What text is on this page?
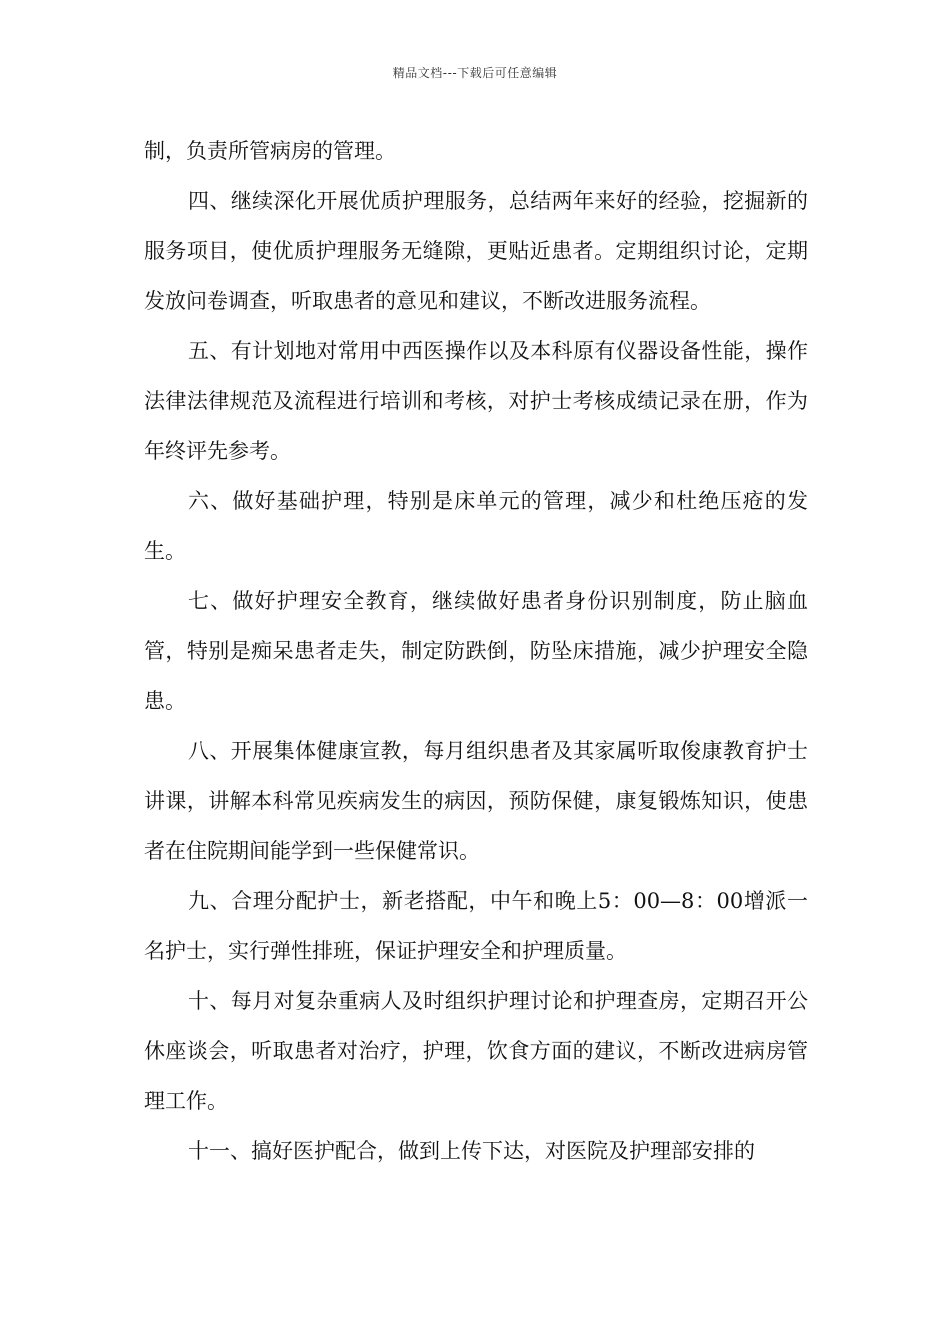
精品文档---下载后可任意编辑

制，负责所管病房的管理。

四、继续深化开展优质护理服务，总结两年来好的经验，挖掘新的服务项目，使优质护理服务无缝隙，更贴近患者。定期组织讨论，定期发放问卷调查，听取患者的意见和建议，不断改进服务流程。

五、有计划地对常用中西医操作以及本科原有仪器设备性能，操作法律法律规范及流程进行培训和考核，对护士考核成绩记录在册，作为年终评先参考。

六、做好基础护理，特别是床单元的管理，减少和杜绝压疮的发生。

七、做好护理安全教育，继续做好患者身份识别制度，防止脑血管，特别是痴呆患者走失，制定防跌倒，防坠床措施，减少护理安全隐患。

八、开展集体健康宣教，每月组织患者及其家属听取俊康教育护士讲课，讲解本科常见疾病发生的病因，预防保健，康复锻炼知识，使患者在住院期间能学到一些保健常识。

九、合理分配护士，新老搭配，中午和晚上5：00—8：00增派一名护士，实行弹性排班，保证护理安全和护理质量。

十、每月对复杂重病人及时组织护理讨论和护理查房，定期召开公休座谈会，听取患者对治疗，护理，饮食方面的建议，不断改进病房管理工作。

十一、搞好医护配合，做到上传下达，对医院及护理部安排的
